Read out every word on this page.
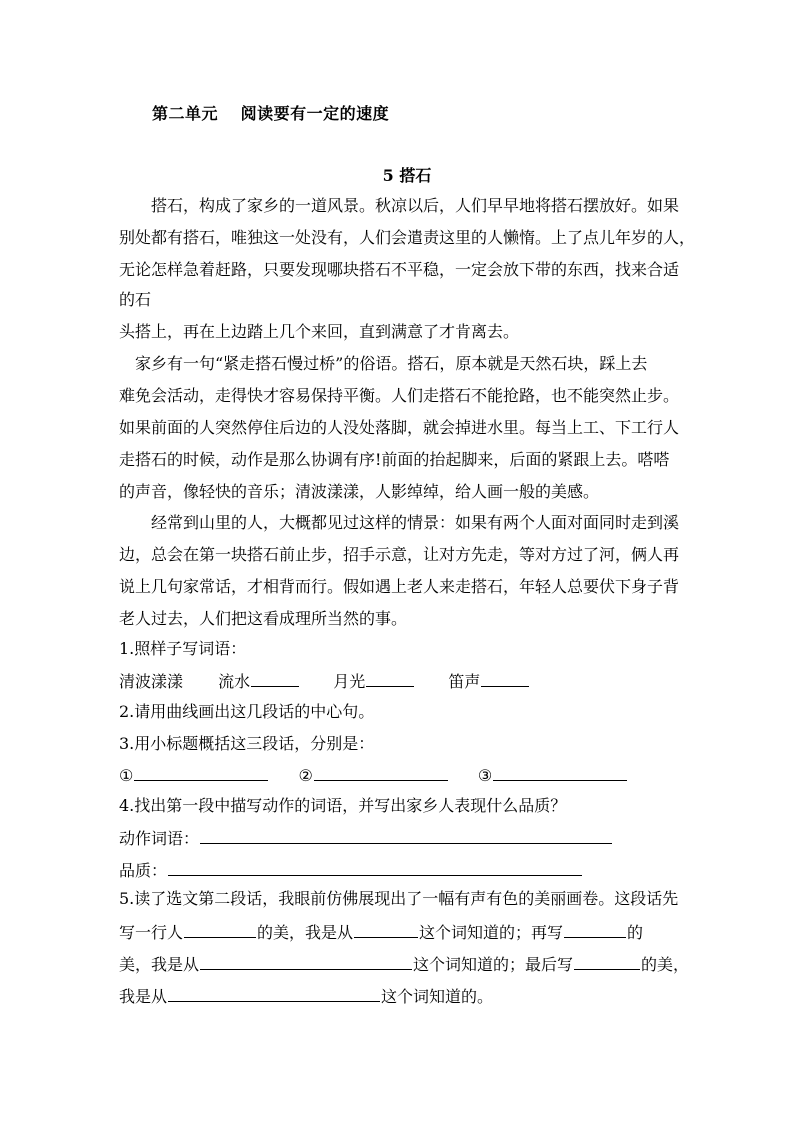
第二单元　 阅读要有一定的速度
5 搭石
　　搭石，构成了家乡的一道风景。秋凉以后，人们早早地将搭石摆放好。如果
别处都有搭石，唯独这一处没有，人们会遣责这里的人懒惰。上了点儿年岁的人，
无论怎样急着赶路，只要发现哪块搭石不平稳，一定会放下带的东西，找来合适
的石
头搭上，再在上边踏上几个来回，直到满意了才肯离去。
　家乡有一句“紧走搭石慢过桥”的俗语。搭石，原本就是天然石块，踩上去
难免会活动，走得快才容易保持平衡。人们走搭石不能抢路，也不能突然止步。
如果前面的人突然停住后边的人没处落脚，就会掉进水里。每当上工、下工行人
走搭石的时候，动作是那么协调有序!前面的抬起脚来，后面的紧跟上去。嗒嗒
的声音，像轻快的音乐；清波漾漾，人影绰绰，给人画一般的美感。
　　经常到山里的人，大概都见过这样的情景：如果有两个人面对面同时走到溪
边，总会在第一块搭石前止步，招手示意，让对方先走，等对方过了河，俩人再
说上几句家常话，才相背而行。假如遇上老人来走搭石，年轻人总要伏下身子背
老人过去，人们把这看成理所当然的事。
1.照样子写词语：
清波漾漾 流水	月光	笛声
2.请用曲线画出这几段话的中心句。
3.用小标题概括这三段话，分别是：
①	②	③
4.找出第一段中描写动作的词语，并写出家乡人表现什么品质？
动作词语：
品质：
5.读了选文第二段话，我眼前仿佛展现出了一幅有声有色的美丽画卷。这段话先
写一行人	的美，我是从	这个词知道的；再写	的
美，我是从	这个词知道的；最后写	的美，
我是从	这个词知道的。
